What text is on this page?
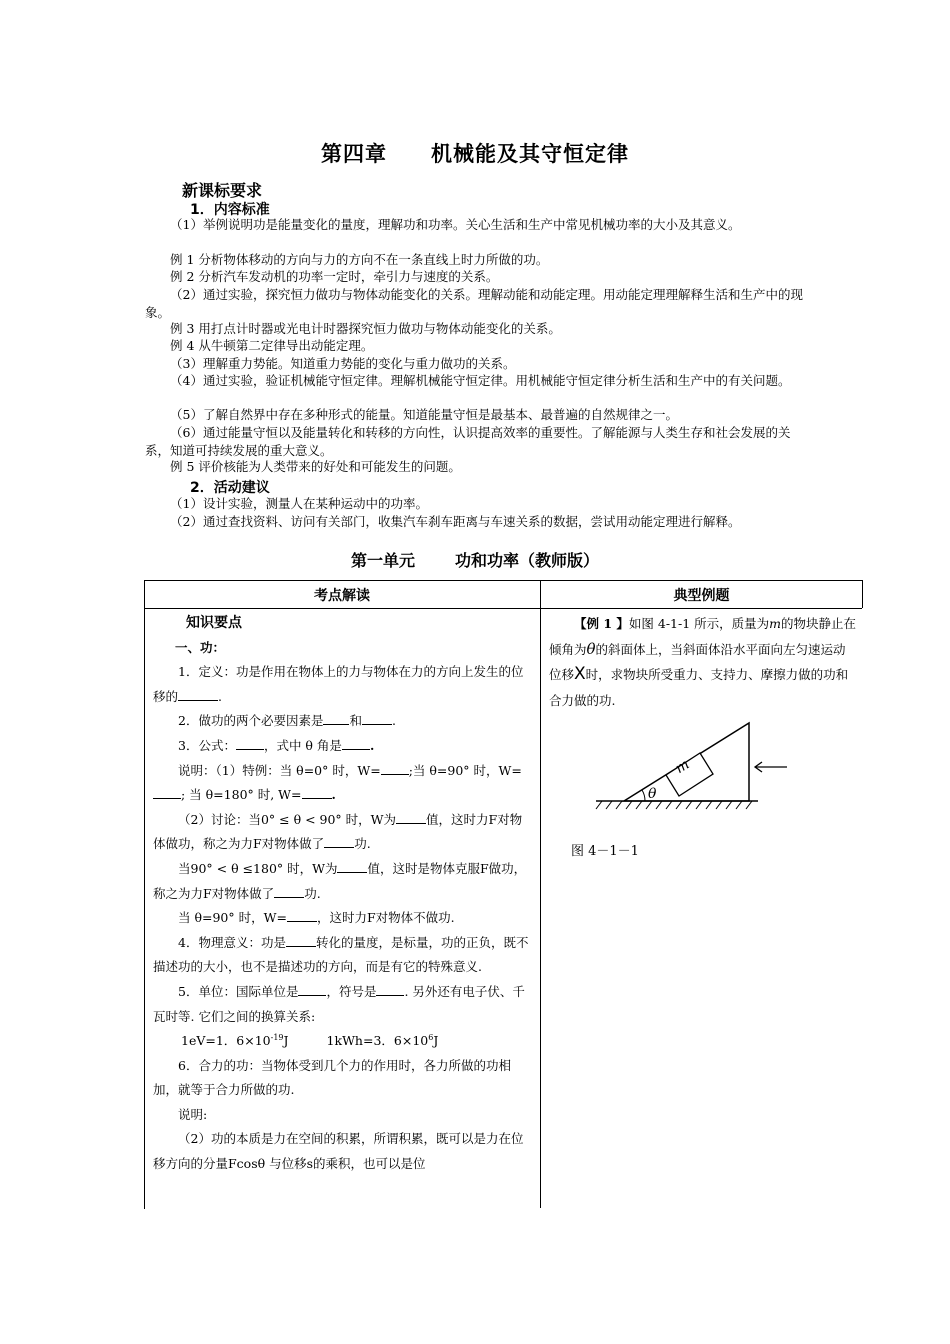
第四章 机械能及其守恒定律
新课标要求
1．内容标准
（1）举例说明功是能量变化的量度，理解功和功率。关心生活和生产中常见机械功率的大小及其意义。
例 1 分析物体移动的方向与力的方向不在一条直线上时力所做的功。
例 2 分析汽车发动机的功率一定时，牵引力与速度的关系。
（2）通过实验，探究恒力做功与物体动能变化的关系。理解动能和动能定理。用动能定理理解释生活和生产中的现象。
例 3 用打点计时器或光电计时器探究恒力做功与物体动能变化的关系。
例 4 从牛顿第二定律导出动能定理。
（3）理解重力势能。知道重力势能的变化与重力做功的关系。
（4）通过实验，验证机械能守恒定律。理解机械能守恒定律。用机械能守恒定律分析生活和生产中的有关问题。
（5）了解自然界中存在多种形式的能量。知道能量守恒是最基本、最普遍的自然规律之一。
（6）通过能量守恒以及能量转化和转移的方向性，认识提高效率的重要性。了解能源与人类生存和社会发展的关系，知道可持续发展的重大意义。
例 5 评价核能为人类带来的好处和可能发生的问题。
2．活动建议
（1）设计实验，测量人在某种运动中的功率。
（2）通过查找资料、访问有关部门，收集汽车刹车距离与车速关系的数据，尝试用动能定理进行解释。
第一单元	功和功率（教师版）
考点解读	典型例题

知识要点

一、功：

1．定义：功是作用在物体上的力与物体在力的方向上发生的位移的	.

2．做功的两个必要因素是 和 .

3．公式： ，式中 θ 角是 .

说明：（1）特例：当 θ=0° 时，W= ;当 θ=90° 时，W=; 当 θ=180° 时, W= .

（2）讨论：当0° ≤ θ < 90° 时，W为 值，这时力F对物体做功，称之为力F对物体做了 功.

当90° < θ ≤180° 时，W为 值，这时是物体克服F做功，称之为力F对物体做了 功.

当 θ=90° 时，W= ，这时力F对物体不做功.

4．物理意义：功是 转化的量度，是标量，功的正负，既不描述功的大小，也不是描述功的方向，而是有它的特殊意义.

5．单位：国际单位是 ，符号是 . 另外还有电子伏、千瓦时等. 它们之间的换算关系:

1eV=1．$6\times 10^{-19}J$	1kWh=3．$6\times 10^6J$

6．合力的功：当物体受到几个力的作用时，各力所做的功相加，就等于合力所做的功.

说明:

（2）功的本质是力在空间的积累，所谓积累，既可以是力在位移方向的分量Fcosθ 与位移s的乘积，也可以是位

【例 1 】如图 4-1-1 所示，质量为m的物块静止在倾角为θ的斜面体上，当斜面体沿水平面向左匀速运动位移X时，求物块所受重力、支持力、摩擦力做的功和合力做的功.
m
θ
图 4－1－1
